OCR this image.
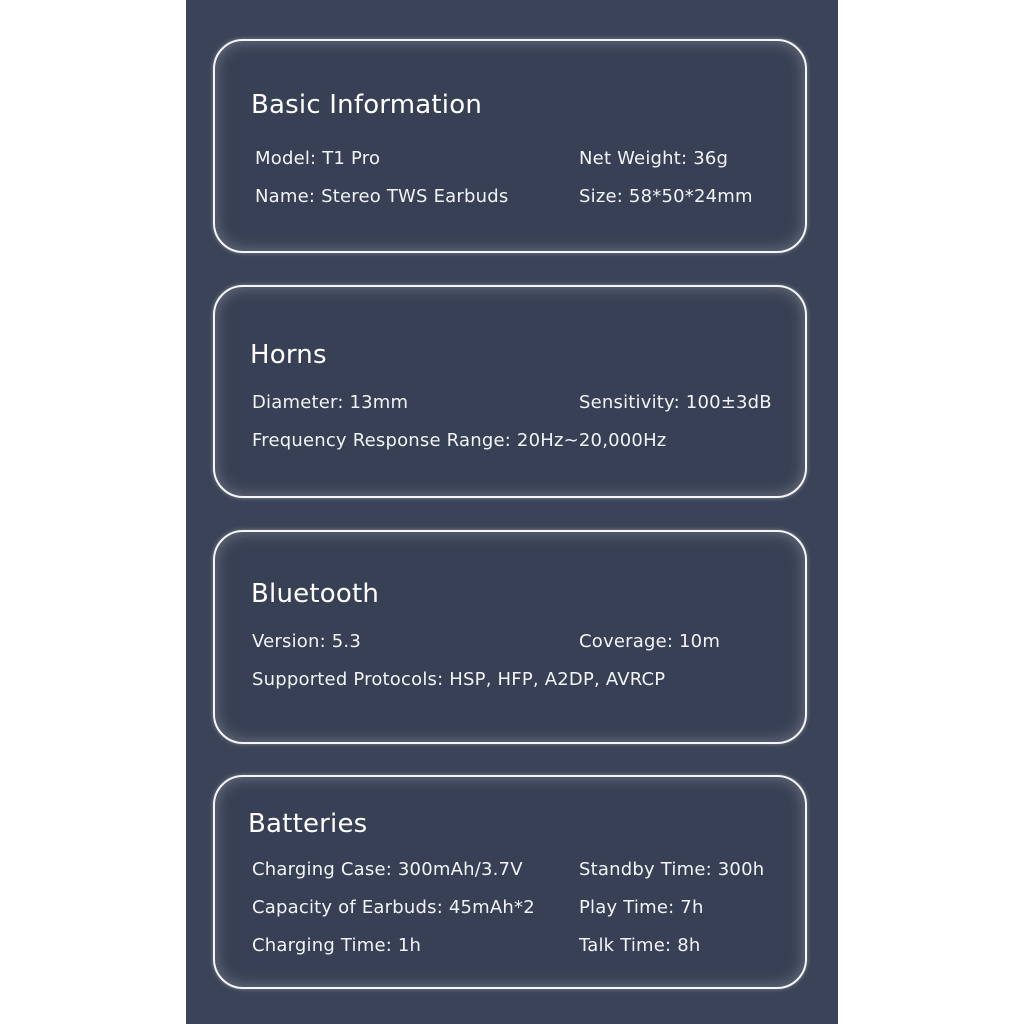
Basic Information
Model: T1 Pro	Net Weight: 36g
Name: Stereo TWS Earbuds	Size: 58*50*24mm
Horns
Diameter: 13mm	Sensitivity: 100±3dB
Frequency Response Range: 20Hz~20,000Hz
Bluetooth
Version: 5.3	Coverage: 10m
Supported Protocols: HSP, HFP, A2DP, AVRCP
Batteries
Charging Case: 300mAh/3.7V	Standby Time: 300h
Capacity of Earbuds: 45mAh*2 Play Time: 7h
Charging Time: 1h	Talk Time: 8h
